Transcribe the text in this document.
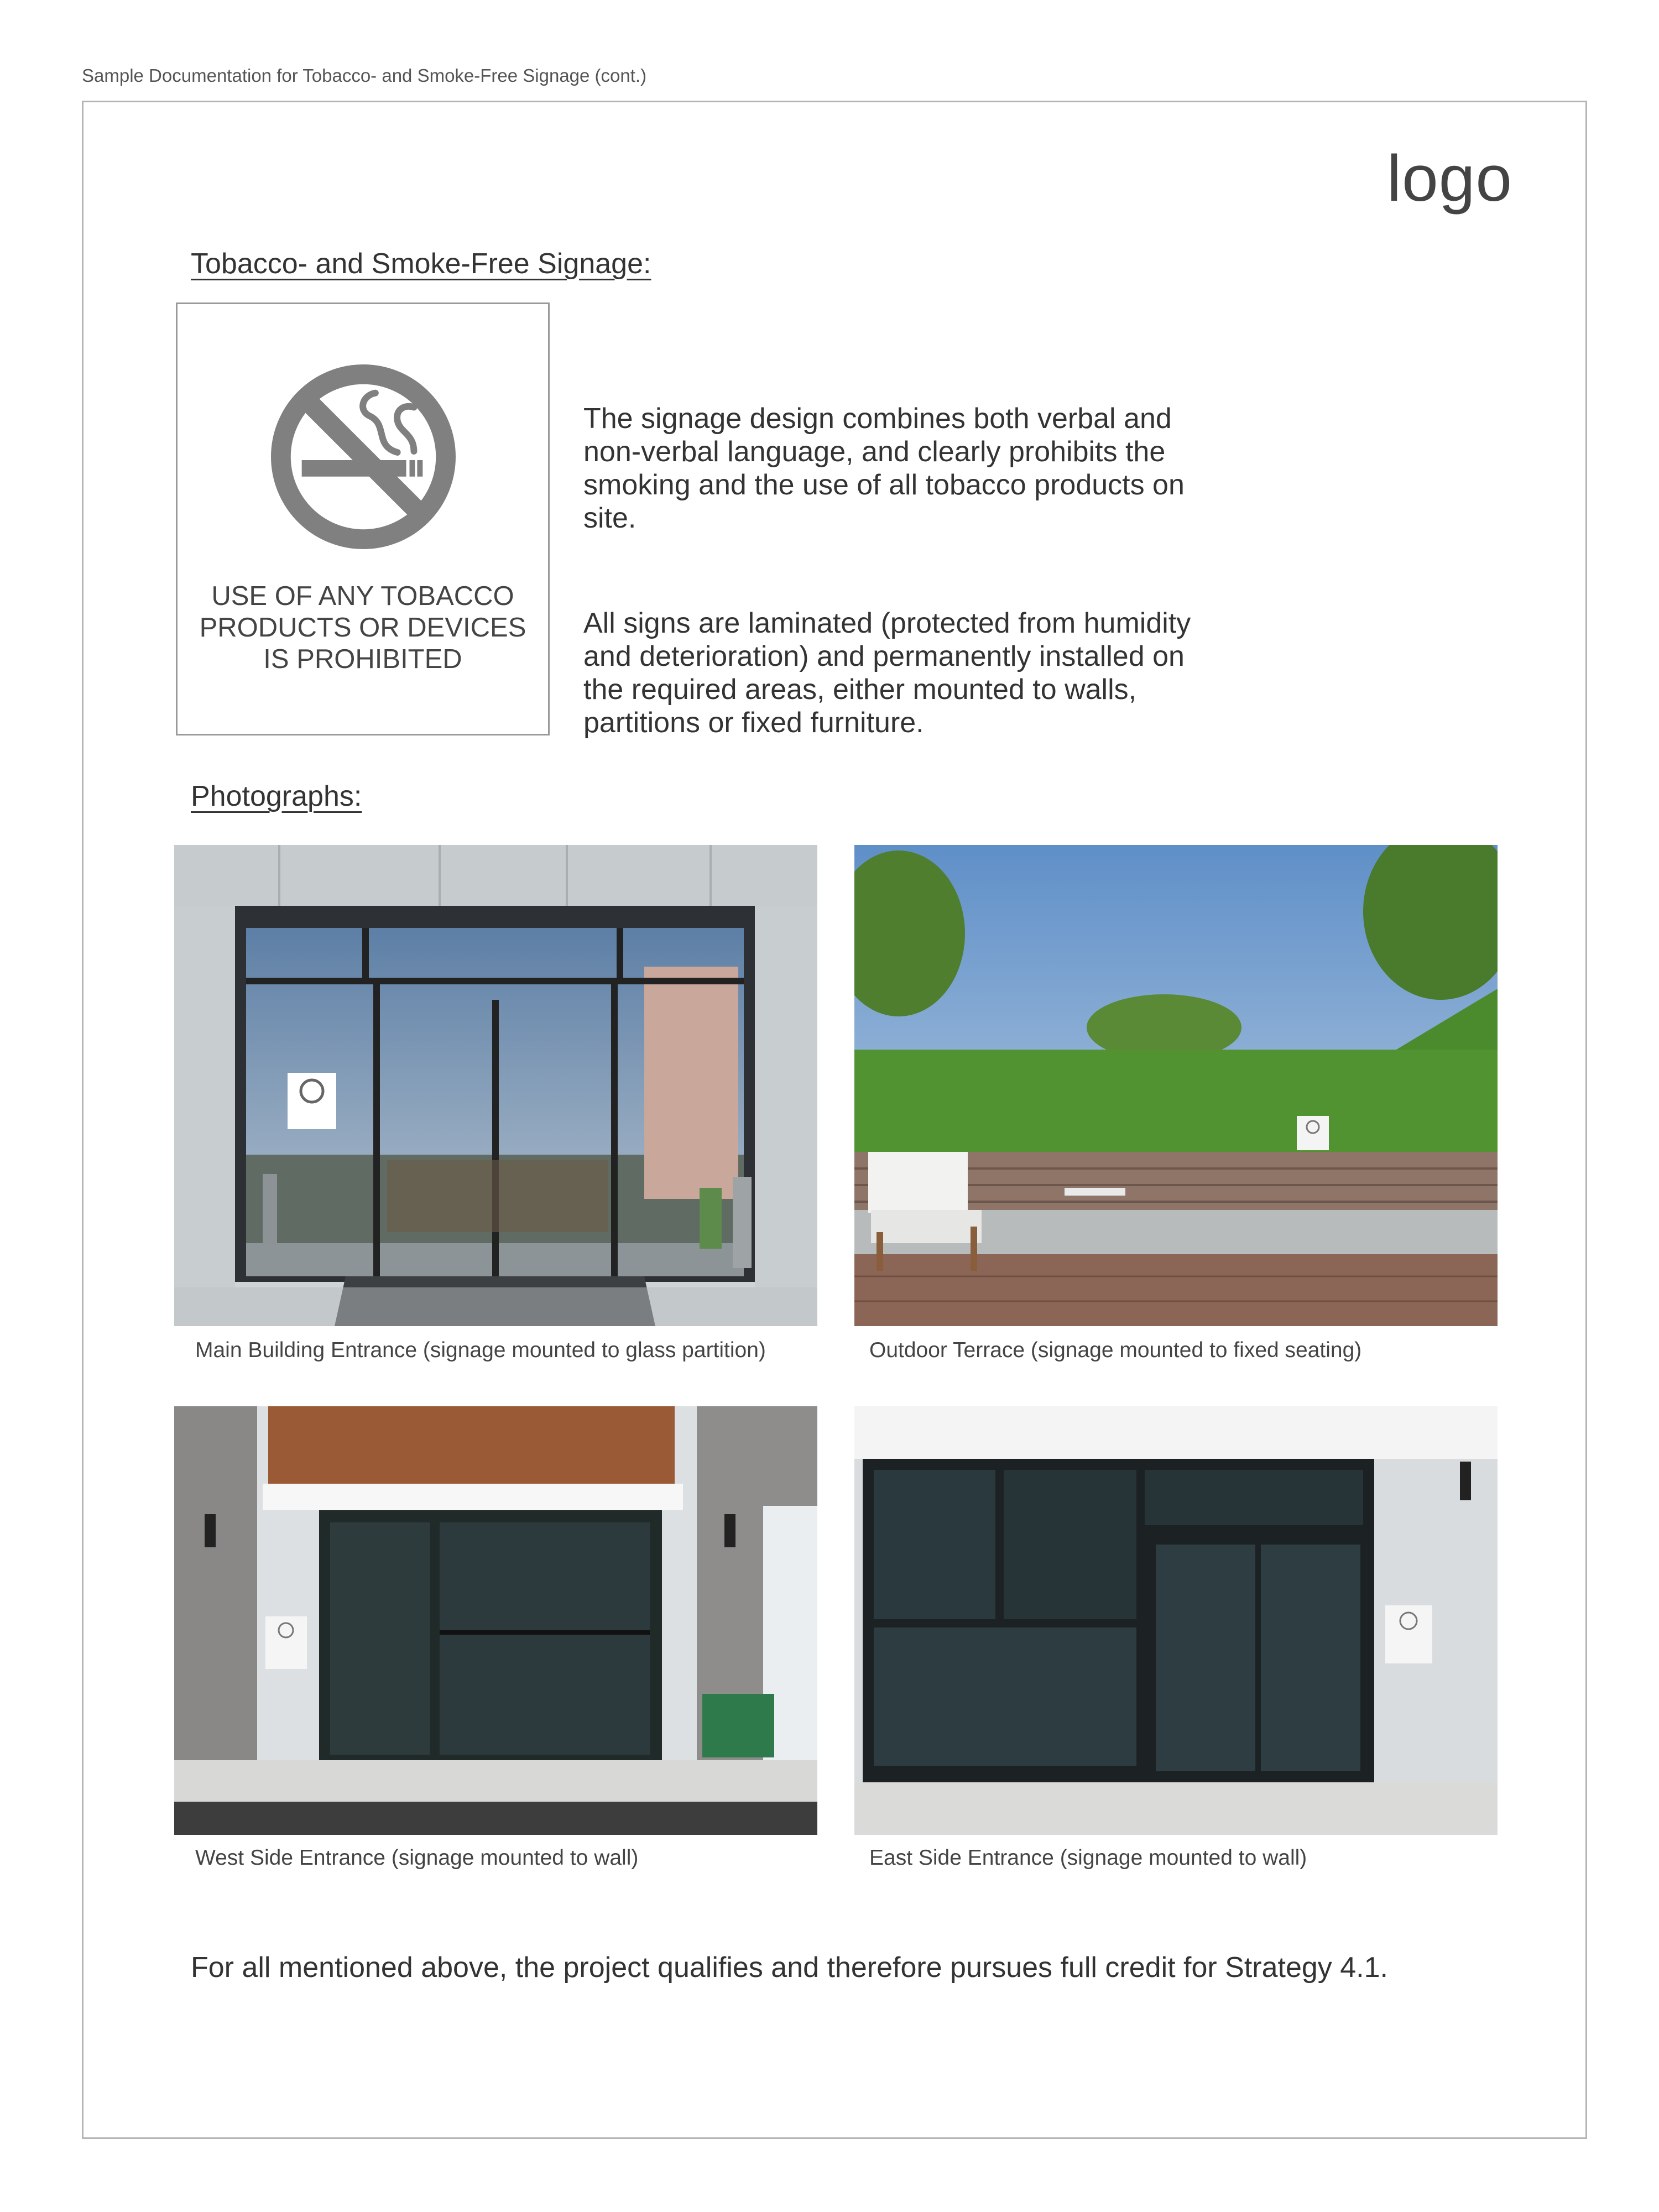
Sample Documentation for Tobacco- and Smoke-Free Signage (cont.)
logo
Tobacco- and Smoke-Free Signage:
USE OF ANY TOBACCO
PRODUCTS OR DEVICES
IS PROHIBITED
The signage design combines both verbal and non-verbal language, and clearly prohibits the smoking and the use of all tobacco products on site.
All signs are laminated (protected from humidity and deterioration) and permanently installed on the required areas, either mounted to walls, partitions or fixed furniture.
Photographs:
Main Building Entrance (signage mounted to glass partition)	Outdoor Terrace (signage mounted to fixed seating)
West Side Entrance (signage mounted to wall)	East Side Entrance (signage mounted to wall)
For all mentioned above, the project qualifies and therefore pursues full credit for Strategy 4.1.
